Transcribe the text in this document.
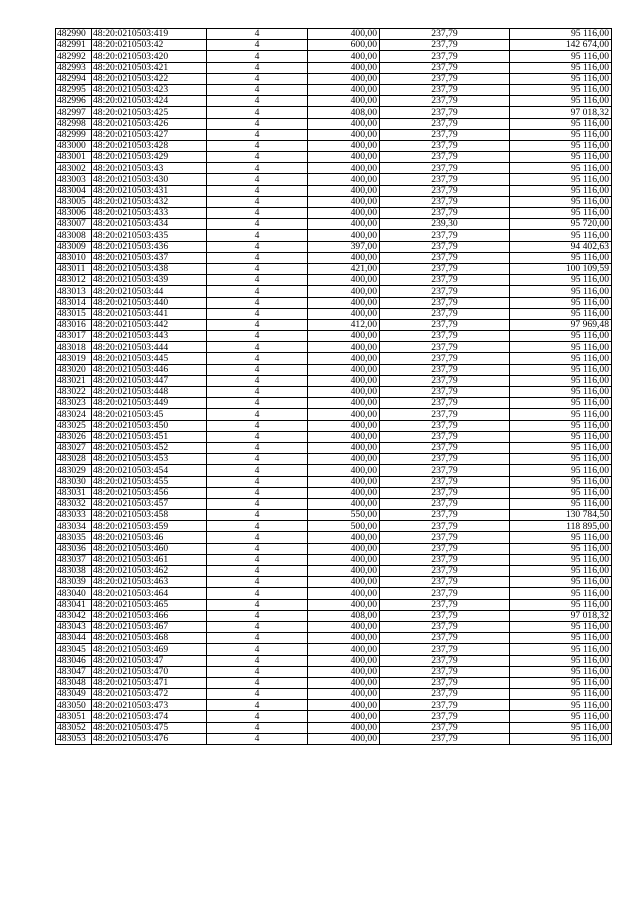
482990	48:20:0210503:419	4	400,00	237,79	95 116,00
482991	48:20:0210503:42	4	600,00	237,79	142 674,00
482992	48:20:0210503:420	4	400,00	237,79	95 116,00
482993	48:20:0210503:421	4	400,00	237,79	95 116,00
482994	48:20:0210503:422	4	400,00	237,79	95 116,00
482995	48:20:0210503:423	4	400,00	237,79	95 116,00
482996	48:20:0210503:424	4	400,00	237,79	95 116,00
482997	48:20:0210503:425	4	408,00	237,79	97 018,32
482998	48:20:0210503:426	4	400,00	237,79	95 116,00
482999	48:20:0210503:427	4	400,00	237,79	95 116,00
483000	48:20:0210503:428	4	400,00	237,79	95 116,00
483001	48:20:0210503:429	4	400,00	237,79	95 116,00
483002	48:20:0210503:43	4	400,00	237,79	95 116,00
483003	48:20:0210503:430	4	400,00	237,79	95 116,00
483004	48:20:0210503:431	4	400,00	237,79	95 116,00
483005	48:20:0210503:432	4	400,00	237,79	95 116,00
483006	48:20:0210503:433	4	400,00	237,79	95 116,00
483007	48:20:0210503:434	4	400,00	239,30	95 720,00
483008	48:20:0210503:435	4	400,00	237,79	95 116,00
483009	48:20:0210503:436	4	397,00	237,79	94 402,63
483010	48:20:0210503:437	4	400,00	237,79	95 116,00
483011	48:20:0210503:438	4	421,00	237,79	100 109,59
483012	48:20:0210503:439	4	400,00	237,79	95 116,00
483013	48:20:0210503:44	4	400,00	237,79	95 116,00
483014	48:20:0210503:440	4	400,00	237,79	95 116,00
483015	48:20:0210503:441	4	400,00	237,79	95 116,00
483016	48:20:0210503:442	4	412,00	237,79	97 969,48
483017	48:20:0210503:443	4	400,00	237,79	95 116,00
483018	48:20:0210503:444	4	400,00	237,79	95 116,00
483019	48:20:0210503:445	4	400,00	237,79	95 116,00
483020	48:20:0210503:446	4	400,00	237,79	95 116,00
483021	48:20:0210503:447	4	400,00	237,79	95 116,00
483022	48:20:0210503:448	4	400,00	237,79	95 116,00
483023	48:20:0210503:449	4	400,00	237,79	95 116,00
483024	48:20:0210503:45	4	400,00	237,79	95 116,00
483025	48:20:0210503:450	4	400,00	237,79	95 116,00
483026	48:20:0210503:451	4	400,00	237,79	95 116,00
483027	48:20:0210503:452	4	400,00	237,79	95 116,00
483028	48:20:0210503:453	4	400,00	237,79	95 116,00
483029	48:20:0210503:454	4	400,00	237,79	95 116,00
483030	48:20:0210503:455	4	400,00	237,79	95 116,00
483031	48:20:0210503:456	4	400,00	237,79	95 116,00
483032	48:20:0210503:457	4	400,00	237,79	95 116,00
483033	48:20:0210503:458	4	550,00	237,79	130 784,50
483034	48:20:0210503:459	4	500,00	237,79	118 895,00
483035	48:20:0210503:46	4	400,00	237,79	95 116,00
483036	48:20:0210503:460	4	400,00	237,79	95 116,00
483037	48:20:0210503:461	4	400,00	237,79	95 116,00
483038	48:20:0210503:462	4	400,00	237,79	95 116,00
483039	48:20:0210503:463	4	400,00	237,79	95 116,00
483040	48:20:0210503:464	4	400,00	237,79	95 116,00
483041	48:20:0210503:465	4	400,00	237,79	95 116,00
483042	48:20:0210503:466	4	408,00	237,79	97 018,32
483043	48:20:0210503:467	4	400,00	237,79	95 116,00
483044	48:20:0210503:468	4	400,00	237,79	95 116,00
483045	48:20:0210503:469	4	400,00	237,79	95 116,00
483046	48:20:0210503:47	4	400,00	237,79	95 116,00
483047	48:20:0210503:470	4	400,00	237,79	95 116,00
483048	48:20:0210503:471	4	400,00	237,79	95 116,00
483049	48:20:0210503:472	4	400,00	237,79	95 116,00
483050	48:20:0210503:473	4	400,00	237,79	95 116,00
483051	48:20:0210503:474	4	400,00	237,79	95 116,00
483052	48:20:0210503:475	4	400,00	237,79	95 116,00
483053	48:20:0210503:476	4	400,00	237,79	95 116,00
